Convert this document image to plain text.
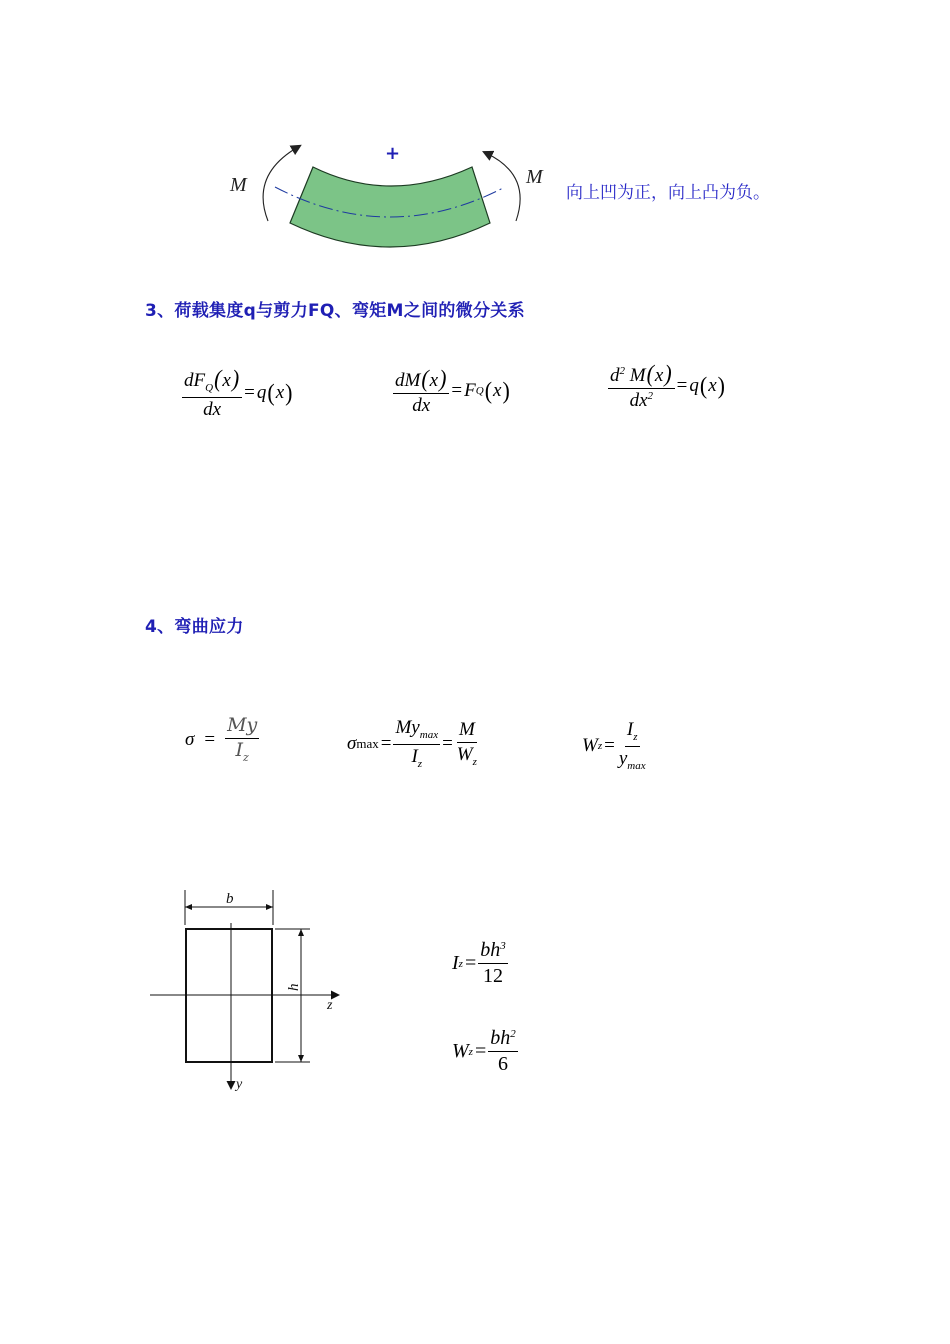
M	M
+
向上凹为正，向上凸为负。
3、荷载集度q与剪力FQ、弯矩M之间的微分关系
$\frac{dF_Q(x)}{dx} = q$ ( x )	$\frac{dM(x)}{dx} = F$ Q ( x )	$\frac{d^2 M(x)}{dx^2} = q$ ( x )
4、弯曲应力
$\sigma = \frac{My}{I_z}$	σ $\max = \frac{My_{max}}{I_z} = \frac{M}{W_z}$	W $z = \frac{I_z}{y_{max}}$
b
h
z
y
I $z = \frac{bh^3}{12}$
W $z = \frac{bh^2}{6}$
